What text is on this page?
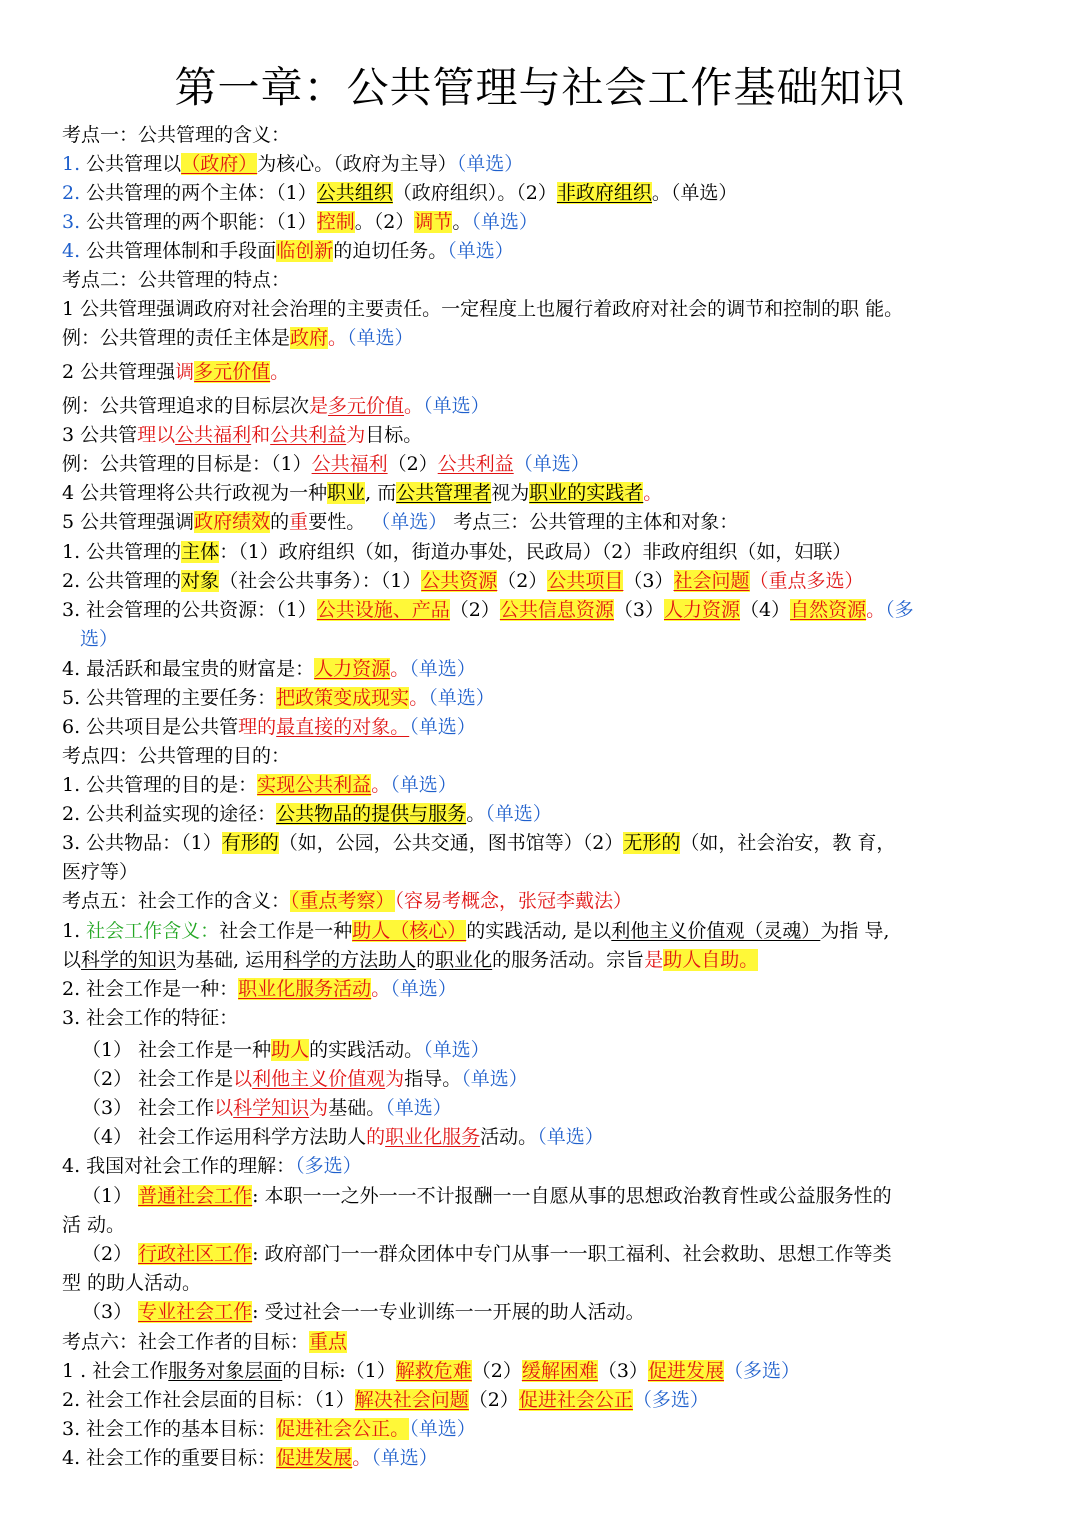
第一章：公共管理与社会工作基础知识
考点一：公共管理的含义：
1. 公共管理以（政府）为核心。（政府为主导）（单选）
2. 公共管理的两个主体：（1）公共组织（政府组织）。（2）非政府组织。（单选）
3. 公共管理的两个职能：（1）控制。（2）调节。（单选）
4. 公共管理体制和手段面临创新的迫切任务。（单选）
考点二：公共管理的特点：
1 公共管理强调政府对社会治理的主要责任。一定程度上也履行着政府对社会的调节和控制的职 能。
例：公共管理的责任主体是政府。（单选）
2 公共管理强调多元价值。
例：公共管理追求的目标层次是多元价值。（单选）
3 公共管理以公共福利和公共利益为目标。
例：公共管理的目标是：（1）公共福利（2）公共利益（单选）
4 公共管理将公共行政视为一种职业, 而公共管理者视为职业的实践者。
5 公共管理强调政府绩效的重要性。 （单选） 考点三：公共管理的主体和对象：
1. 公共管理的主体：（1）政府组织（如，街道办事处，民政局）（2）非政府组织（如，妇联）
2. 公共管理的对象（社会公共事务）：（1）公共资源（2）公共项目（3）社会问题（重点多选）
3. 社会管理的公共资源：（1）公共设施、产品（2）公共信息资源（3）人力资源（4）自然资源。（多
选）
4. 最活跃和最宝贵的财富是：人力资源。（单选）
5. 公共管理的主要任务：把政策变成现实。（单选）
6. 公共项目是公共管理的最直接的对象。（单选）
考点四：公共管理的目的：
1. 公共管理的目的是：实现公共利益。（单选）
2. 公共利益实现的途径：公共物品的提供与服务。（单选）
3. 公共物品：（1）有形的（如，公园，公共交通，图书馆等）（2）无形的（如，社会治安，教 育，
医疗等）
考点五：社会工作的含义：（重点考察）（容易考概念，张冠李戴法）
1. 社会工作含义：社会工作是一种助人（核心）的实践活动, 是以利他主义价值观（灵魂）为指 导,
以科学的知识为基础, 运用科学的方法助人的职业化的服务活动。宗旨是助人自助。
2. 社会工作是一种：职业化服务活动。（单选）
3. 社会工作的特征：
（1） 社会工作是一种助人的实践活动。（单选）
（2） 社会工作是以利他主义价值观为指导。（单选）
（3） 社会工作以科学知识为基础。（单选）
（4） 社会工作运用科学方法助人的职业化服务活动。（单选）
4. 我国对社会工作的理解：（多选）
（1） 普通社会工作: 本职一一之外一一不计报酬一一自愿从事的思想政治教育性或公益服务性的
活 动。
（2） 行政社区工作: 政府部门一一群众团体中专门从事一一职工福利、社会救助、思想工作等类
型 的助人活动。
（3） 专业社会工作: 受过社会一一专业训练一一开展的助人活动。
考点六：社会工作者的目标：重点
1 . 社会工作服务对象层面的目标:（1）解救危难（2）缓解困难（3）促进发展（多选）
2. 社会工作社会层面的目标：（1）解决社会问题（2）促进社会公正（多选）
3. 社会工作的基本目标：促进社会公正。（单选）
4. 社会工作的重要目标：促进发展。（单选）
